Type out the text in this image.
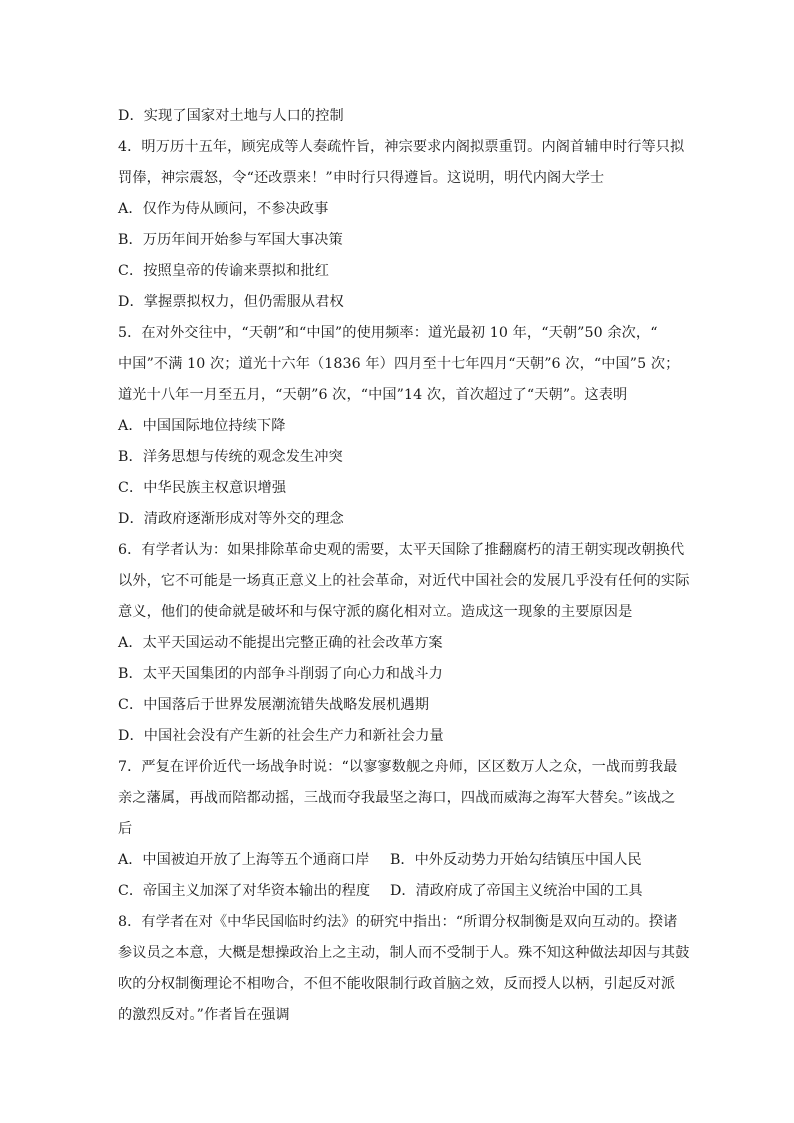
D．实现了国家对土地与人口的控制
4．明万历十五年，顾宪成等人奏疏忤旨，神宗要求内阁拟票重罚。内阁首辅申时行等只拟
罚俸，神宗震怒，令“还改票来！”申时行只得遵旨。这说明，明代内阁大学士
A．仅作为侍从顾问，不参决政事
B．万历年间开始参与军国大事决策
C．按照皇帝的传谕来票拟和批红
D．掌握票拟权力，但仍需服从君权
5．在对外交往中，“天朝”和“中国”的使用频率：道光最初 10 年，“天朝”50 余次，“
中国”不满 10 次；道光十六年（1836 年）四月至十七年四月“天朝”6 次，“中国”5 次；
道光十八年一月至五月，“天朝”6 次，“中国”14 次，首次超过了“天朝”。这表明
A．中国国际地位持续下降
B．洋务思想与传统的观念发生冲突
C．中华民族主权意识增强
D．清政府逐渐形成对等外交的理念
6．有学者认为：如果排除革命史观的需要，太平天国除了推翻腐朽的清王朝实现改朝换代
以外，它不可能是一场真正意义上的社会革命，对近代中国社会的发展几乎没有任何的实际
意义，他们的使命就是破坏和与保守派的腐化相对立。造成这一现象的主要原因是
A．太平天国运动不能提出完整正确的社会改革方案
B．太平天国集团的内部争斗削弱了向心力和战斗力
C．中国落后于世界发展潮流错失战略发展机遇期
D．中国社会没有产生新的社会生产力和新社会力量
7．严复在评价近代一场战争时说：“以寥寥数舰之舟师，区区数万人之众，一战而剪我最
亲之藩属，再战而陪都动摇，三战而夺我最坚之海口，四战而威海之海军大替矣。”该战之
后
A．中国被迫开放了上海等五个通商口岸	B．中外反动势力开始勾结镇压中国人民
C．帝国主义加深了对华资本输出的程度	D．清政府成了帝国主义统治中国的工具
8．有学者在对《中华民国临时约法》的研究中指出：“所谓分权制衡是双向互动的。揆诸
参议员之本意，大概是想操政治上之主动，制人而不受制于人。殊不知这种做法却因与其鼓
吹的分权制衡理论不相吻合，不但不能收限制行政首脑之效，反而授人以柄，引起反对派
的激烈反对。”作者旨在强调
